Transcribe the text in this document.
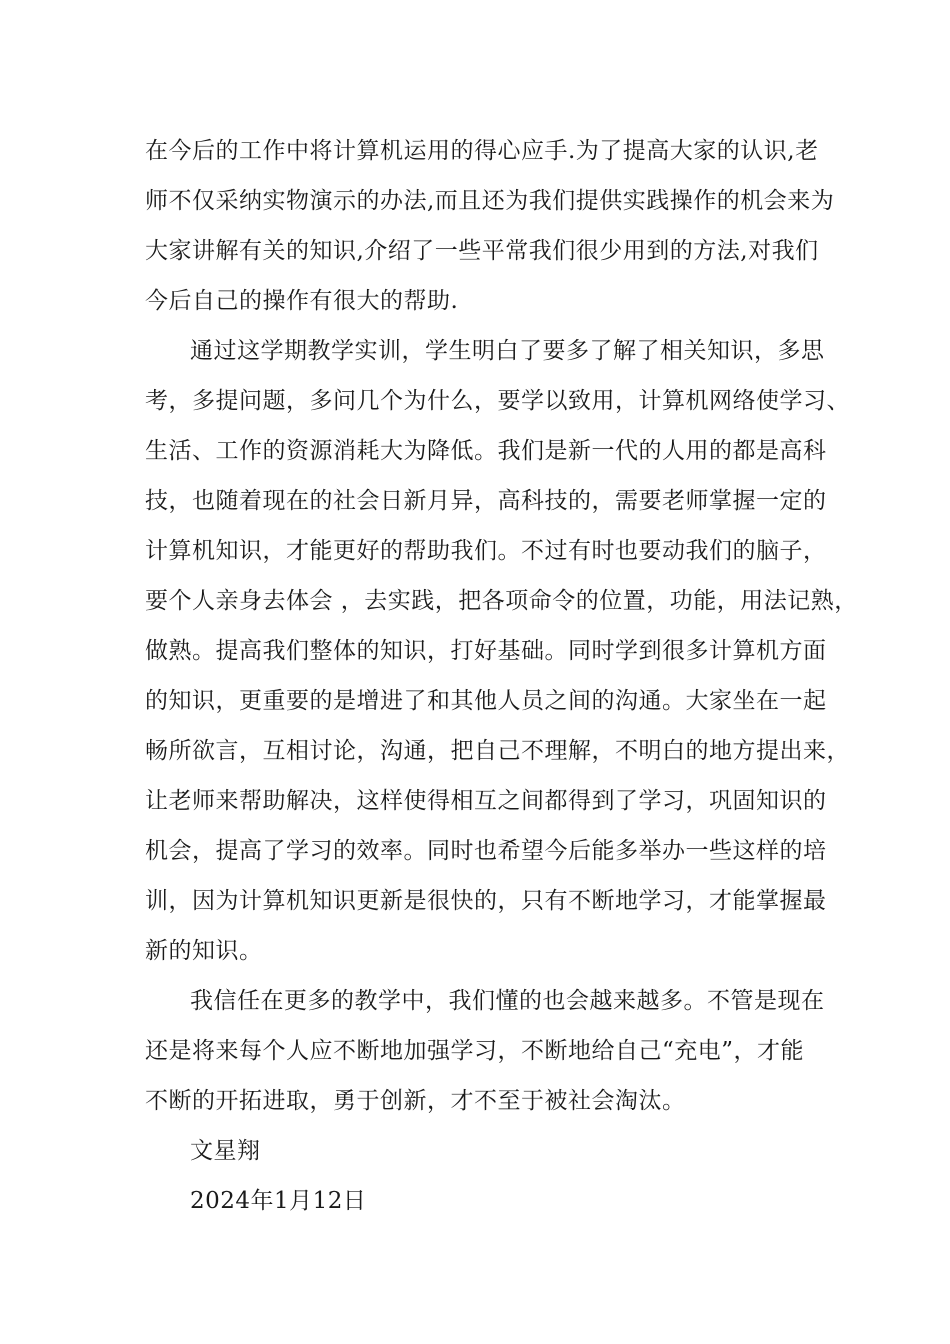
在今后的工作中将计算机运用的得心应手.为了提高大家的认识,老
师不仅采纳实物演示的办法,而且还为我们提供实践操作的机会来为
大家讲解有关的知识,介绍了一些平常我们很少用到的方法,对我们
今后自己的操作有很大的帮助.
通过这学期教学实训，学生明白了要多了解了相关知识，多思
考，多提问题，多问几个为什么，要学以致用，计算机网络使学习、
生活、工作的资源消耗大为降低。我们是新一代的人用的都是高科
技，也随着现在的社会日新月异，高科技的，需要老师掌握一定的
计算机知识，才能更好的帮助我们。不过有时也要动我们的脑子，
要个人亲身去体会 ，去实践，把各项命令的位置，功能，用法记熟，
做熟。提高我们整体的知识，打好基础。同时学到很多计算机方面
的知识，更重要的是增进了和其他人员之间的沟通。大家坐在一起
畅所欲言，互相讨论，沟通，把自己不理解，不明白的地方提出来，
让老师来帮助解决，这样使得相互之间都得到了学习，巩固知识的
机会，提高了学习的效率。同时也希望今后能多举办一些这样的培
训，因为计算机知识更新是很快的，只有不断地学习，才能掌握最
新的知识。
我信任在更多的教学中，我们懂的也会越来越多。不管是现在
还是将来每个人应不断地加强学习，不断地给自己“充电”，才能
不断的开拓进取，勇于创新，才不至于被社会淘汰。
文星翔
2024年1月12日
